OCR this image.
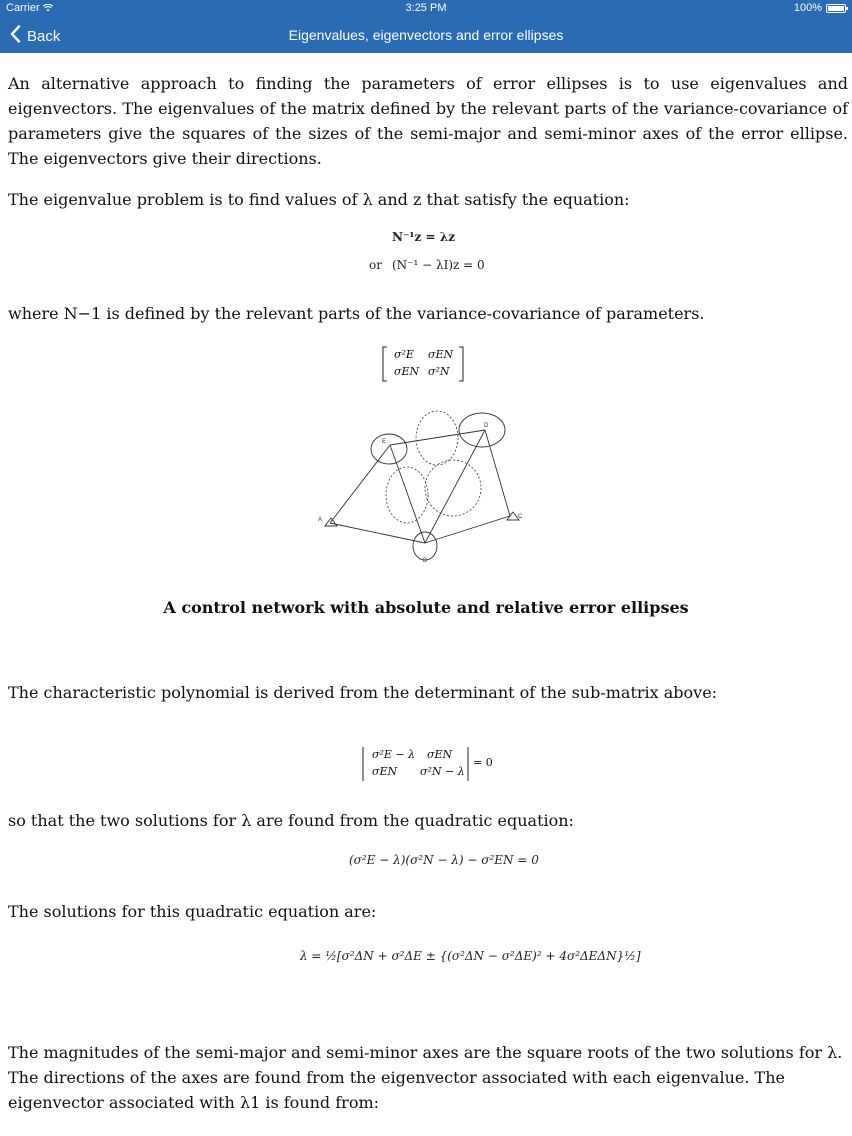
Carrier	3:25 PM	100%
Back	Eigenvalues, eigenvectors and error ellipses

An alternative approach to finding the parameters of error ellipses is to use eigenvalues and eigenvectors. The eigenvalues of the matrix defined by the relevant parts of the variance-covariance of parameters give the squares of the sizes of the semi-major and semi-minor axes of the error ellipse. The eigenvectors give their directions.

The eigenvalue problem is to find values of λ and z that satisfy the equation:

N⁻¹z = λz
or (N⁻¹ − λI)z = 0

where N−1 is defined by the relevant parts of the variance-covariance of parameters.

σ²E σEN
σEN σ²N
A
B
C
D
E
A control network with absolute and relative error ellipses

The characteristic polynomial is derived from the determinant of the sub-matrix above:

σ²E − λ σEN
σEN σ²N − λ
= 0

so that the two solutions for λ are found from the quadratic equation:

(σ²E − λ)(σ²N − λ) − σ²EN = 0

The solutions for this quadratic equation are:

λ = ½[σ²ΔN + σ²ΔE ± {(σ²ΔN − σ²ΔE)² + 4σ²ΔEΔN}½]

The magnitudes of the semi-major and semi-minor axes are the square roots of the two solutions for λ. The directions of the axes are found from the eigenvector associated with each eigenvalue. The eigenvector associated with λ1 is found from:
